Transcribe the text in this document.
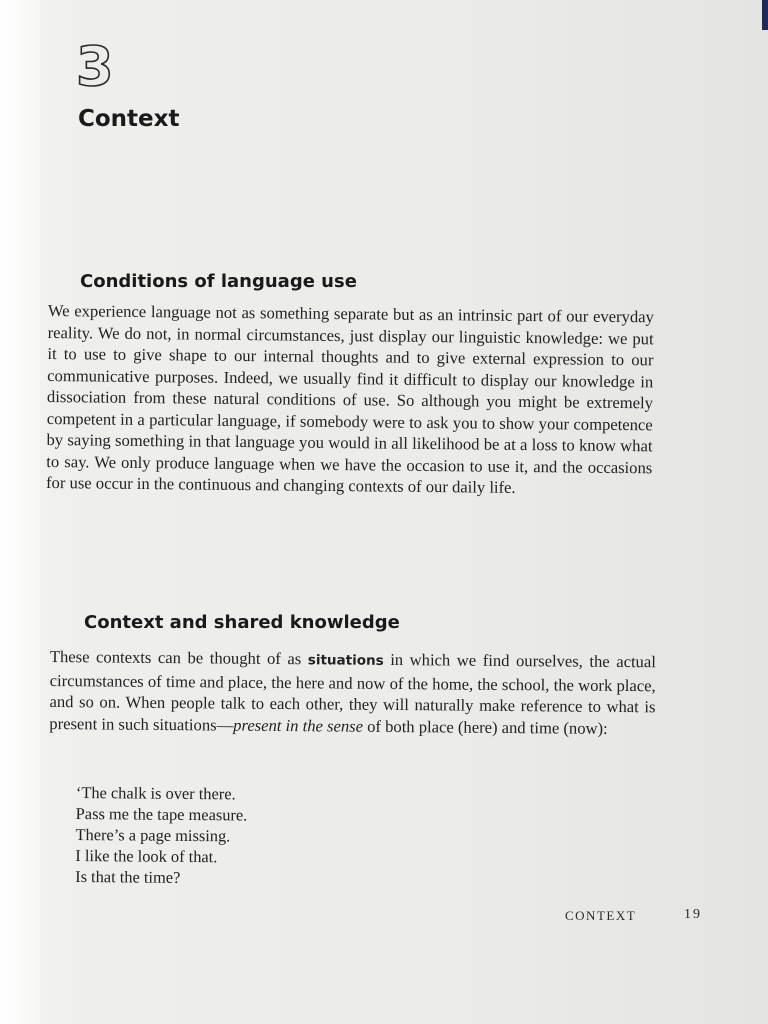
3
Context
Conditions of language use
We experience language not as something separate but as an intrinsic part of our everyday reality. We do not, in normal circumstances, just display our linguistic knowledge: we put it to use to give shape to our internal thoughts and to give external expression to our communicative purposes. Indeed, we usually find it difficult to display our knowledge in dissociation from these natural conditions of use. So although you might be extremely competent in a particular language, if somebody were to ask you to show your competence by saying something in that language you would in all likelihood be at a loss to know what to say. We only produce language when we have the occasion to use it, and the occasions for use occur in the continuous and changing contexts of our daily life.
Context and shared knowledge
These contexts can be thought of as situations in which we find ourselves, the actual circumstances of time and place, the here and now of the home, the school, the work place, and so on. When people talk to each other, they will naturally make reference to what is present in such situations—present in the sense of both place (here) and time (now):
‘The chalk is over there.
Pass me the tape measure.
There’s a page missing.
I like the look of that.
Is that the time?
CONTEXT	19
